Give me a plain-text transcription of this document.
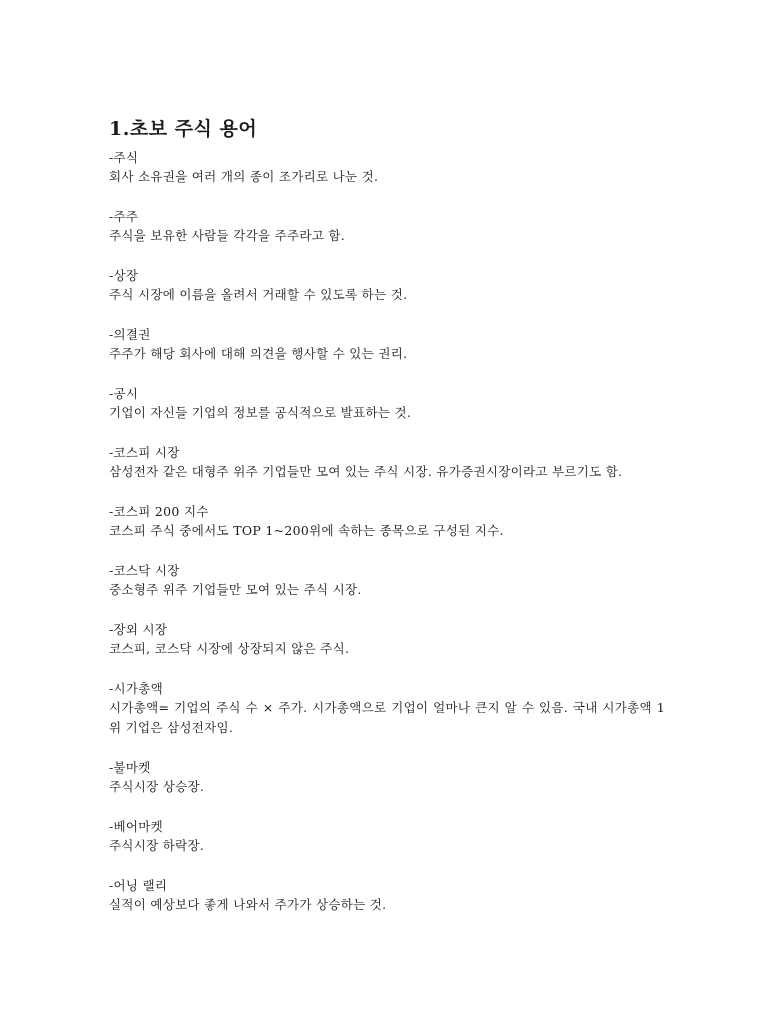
1.초보 주식 용어
-주식
회사 소유권을 여러 개의 종이 조가리로 나눈 것.
-주주
주식을 보유한 사람들 각각을 주주라고 함.
-상장
주식 시장에 이름을 올려서 거래할 수 있도록 하는 것.
-의결권
주주가 해당 회사에 대해 의견을 행사할 수 있는 권리.
-공시
기업이 자신들 기업의 정보를 공식적으로 발표하는 것.
-코스피 시장
삼성전자 같은 대형주 위주 기업들만 모여 있는 주식 시장. 유가증권시장이라고 부르기도 함.
-코스피 200 지수
코스피 주식 중에서도 TOP 1~200위에 속하는 종목으로 구성된 지수.
-코스닥 시장
중소형주 위주 기업들만 모여 있는 주식 시장.
-장외 시장
코스피, 코스닥 시장에 상장되지 않은 주식.
-시가총액
시가총액= 기업의 주식 수 × 주가. 시가총액으로 기업이 얼마나 큰지 알 수 있음. 국내 시가총액 1위 기업은 삼성전자임.
-불마켓
주식시장 상승장.
-베어마켓
주식시장 하락장.
-어닝 랠리
실적이 예상보다 좋게 나와서 주가가 상승하는 것.
